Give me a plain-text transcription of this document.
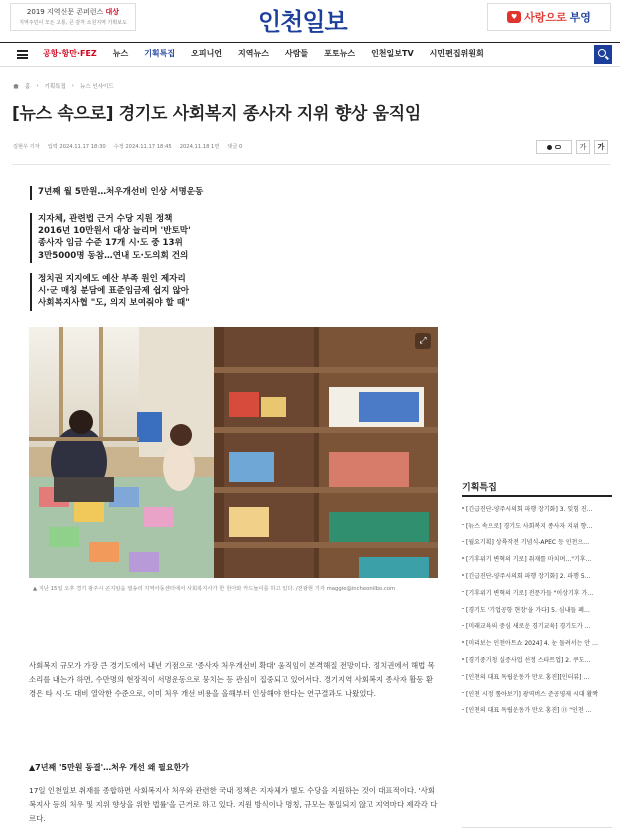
2019 지역신문 콘퍼런스 대상
지역주민이 모든 고통, 큰 감각 소원지역 기획보도	인천일보	♥ 사랑으로 부영
공항·항만·FEZ 뉴스 기획특집 오피니언 지역뉴스 사람들 포토뉴스 인천일보TV 시민편집위원회
홈 › 기획특집 › 뉴스 인사이드
[뉴스 속으로] 경기도 사회복지 종사자 지위 향상 움직임
김현우 기자 입력 2024.11.17 18:30 수정 2024.11.17 18:45 2024.11.18 1면 댓글 0	가	가
7년째 월 5만원…처우개선비 인상 서명운동
지자체, 관련법 근거 수당 지원 정책
2016년 10만원서 대상 늘리며 '반토막'
종사자 임금 수준 17개 시·도 중 13위
3만5000명 동참…연내 도·도의회 건의
정치권 지지에도 예산 부족 원인 제자리
시·군 매칭 분담에 표준임금제 쉽지 않아
사회복지사협 "도, 의지 보여줘야 할 때"
⤢
▲ 지난 15일 오후 경기 광주시 곤지암읍 열송리 지역아동센터에서 사회복지사가 한 원아와 카드놀이를 하고 있다. /전광현 기자 maggie@incheonilbo.com

사회복지 규모가 가장 큰 경기도에서 내년 기점으로 '종사자 처우개선비 확대' 움직임이 본격해질 전망이다. 정치권에서 해법 목소리를 내는가 하면, 수만명의 현장직이 서명운동으로 뭉치는 등 관심이 집중되고 있어서다. 경기지역 사회복지 종사자 활동 환경은 타 시·도 대비 열악한 수준으로, 이미 처우 개선 비용을 올해부터 인상해야 한다는 연구결과도 나왔었다.

▲7년째 '5만원 동결'…처우 개선 왜 필요한가

17일 인천일보 취재를 종합하면 사회복지사 처우와 관련한 국내 정책은 지자체가 별도 수당을 지원하는 것이 대표적이다. '사회복지사 등의 처우 및 지위 향상을 위한 법률'을 근거로 하고 있다. 지원 방식이나 명칭, 규모는 통일되지 않고 지역마다 제각각 다르다.

기획특집
[긴급진단-양주시의회 파행 장기화] 3. 잊힘 진…
[뉴스 속으로] 경기도 사회복지 종사자 지위 향…
[월요기획] 상륙작전 기념식-APEC 등 인천으…
[기후위기 변혁의 기로] 취재를 마치며…"기후…
[긴급진단-양주시의회 파행 장기화] 2. 파행 5…
[기후위기 변혁의 기로] 전문가들 "이상기후 가…
[경기도 '기업공항 현장'을 가다] 5. 심내들 폐…
[미래교육의 중심 새로운 경기교육] 경기도가 …
[미리보는 인천아트쇼 2024] 4. 눈 돌려서는 안 …
[경기중기청 실증사업 선정 스타트업] 2. 쿠도…
[인천의 대표 독립운동가 만오 홍진][인터뷰] …
[인천 시정 톺아보기] 광역버스 준공영제 시대 활짝
[인천의 대표 독립운동가 만오 홍진] ⑪ "인천 …
